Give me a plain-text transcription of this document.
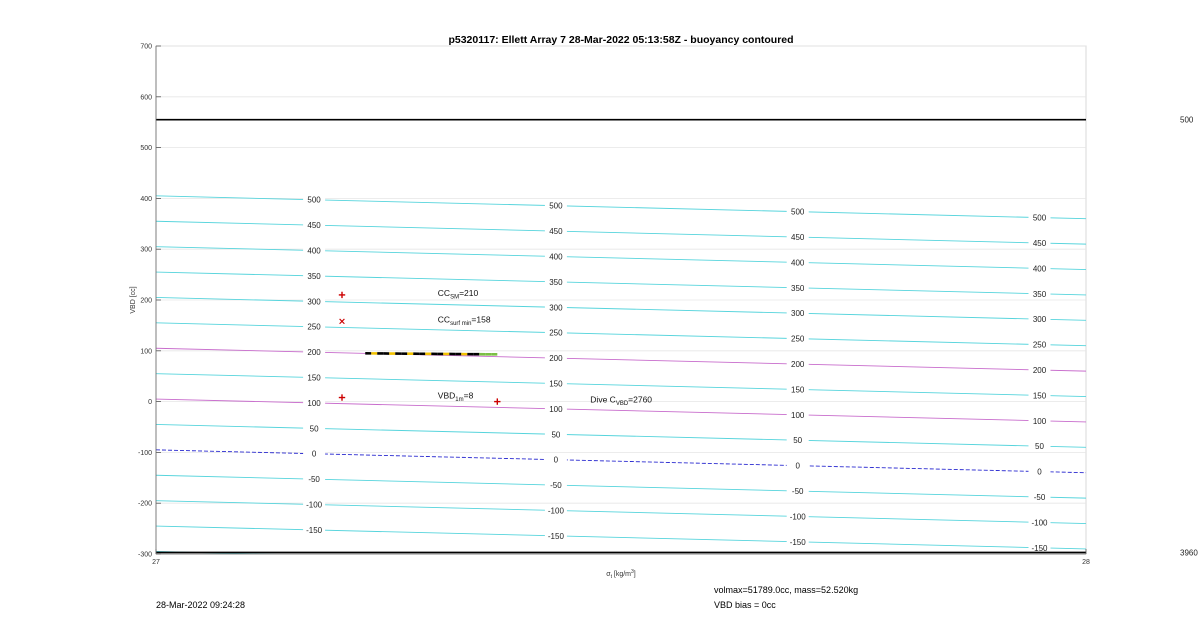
-150
-150
-150
-150
-100
-100
-100
-100
-50
-50
-50
-50
0
0
0
0
50
50
50
50
100
100
100
100
150
150
150
150
200
200
200
200
250
250
250
250
300
300
300
300
350
350
350
350
400
400
400
400
450
450
450
450
500
500
500
500
500
3960
$CC_{SM}=210$
$CC_{surf min}=158$
$VBD_{1m}=8$	Dive $C_{VBD}=2760$
-300
-200
-100
0
100
200
300
400
500
600
700
27	28
p5320117: Ellett Array 7 28-Mar-2022 05:13:58Z - buoyancy contoured
VBD [cc]
$\sigma_t$ $[kg/m^3]$
28-Mar-2022 09:24:28
volmax=51789.0cc, mass=52.520kg
VBD bias = 0cc
